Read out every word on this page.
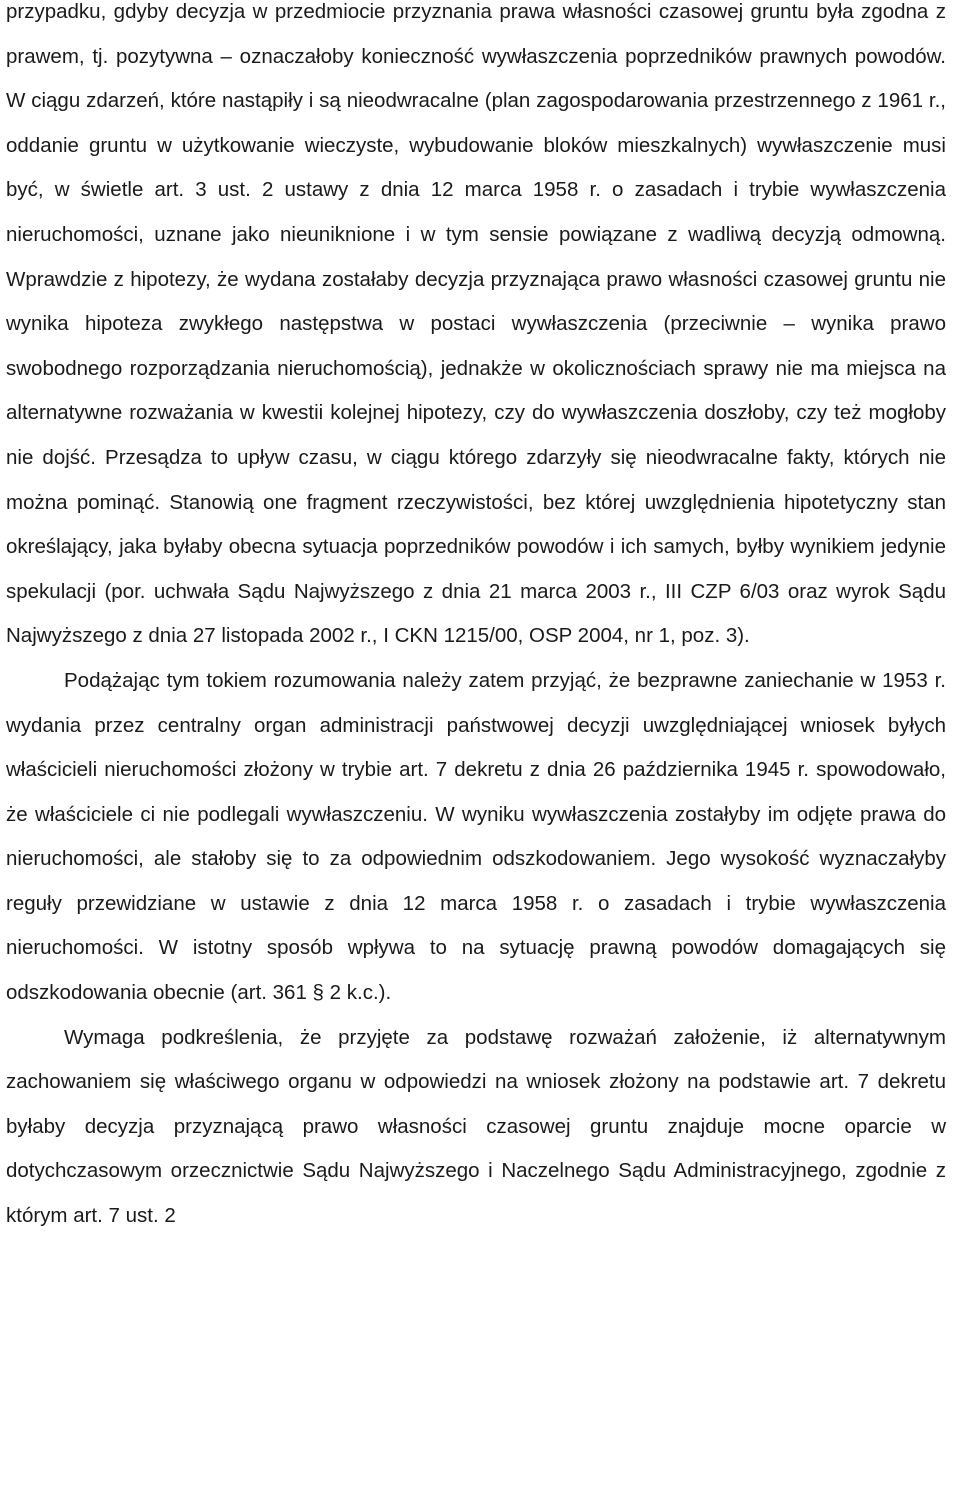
przypadku, gdyby decyzja w przedmiocie przyznania prawa własności czasowej gruntu była zgodna z prawem, tj. pozytywna – oznaczałoby konieczność wywłaszczenia poprzedników prawnych powodów. W ciągu zdarzeń, które nastąpiły i są nieodwracalne (plan zagospodarowania przestrzennego z 1961 r., oddanie gruntu w użytkowanie wieczyste, wybudowanie bloków mieszkalnych) wywłaszczenie musi być, w świetle art. 3 ust. 2 ustawy z dnia 12 marca 1958 r. o zasadach i trybie wywłaszczenia nieruchomości, uznane jako nieuniknione i w tym sensie powiązane z wadliwą decyzją odmowną. Wprawdzie z hipotezy, że wydana zostałaby decyzja przyznająca prawo własności czasowej gruntu nie wynika hipoteza zwykłego następstwa w postaci wywłaszczenia (przeciwnie – wynika prawo swobodnego rozporządzania nieruchomością), jednakże w okolicznościach sprawy nie ma miejsca na alternatywne rozważania w kwestii kolejnej hipotezy, czy do wywłaszczenia doszłoby, czy też mogłoby nie dojść. Przesądza to upływ czasu, w ciągu którego zdarzyły się nieodwracalne fakty, których nie można pominąć. Stanowią one fragment rzeczywistości, bez której uwzględnienia hipotetyczny stan określający, jaka byłaby obecna sytuacja poprzedników powodów i ich samych, byłby wynikiem jedynie spekulacji (por. uchwała Sądu Najwyższego z dnia 21 marca 2003 r., III CZP 6/03 oraz wyrok Sądu Najwyższego z dnia 27 listopada 2002 r., I CKN 1215/00, OSP 2004, nr 1, poz. 3).

Podążając tym tokiem rozumowania należy zatem przyjąć, że bezprawne zaniechanie w 1953 r. wydania przez centralny organ administracji państwowej decyzji uwzględniającej wniosek byłych właścicieli nieruchomości złożony w trybie art. 7 dekretu z dnia 26 października 1945 r. spowodowało, że właściciele ci nie podlegali wywłaszczeniu. W wyniku wywłaszczenia zostałyby im odjęte prawa do nieruchomości, ale stałoby się to za odpowiednim odszkodowaniem. Jego wysokość wyznaczałyby reguły przewidziane w ustawie z dnia 12 marca 1958 r. o zasadach i trybie wywłaszczenia nieruchomości. W istotny sposób wpływa to na sytuację prawną powodów domagających się odszkodowania obecnie (art. 361 § 2 k.c.).

Wymaga podkreślenia, że przyjęte za podstawę rozważań założenie, iż alternatywnym zachowaniem się właściwego organu w odpowiedzi na wniosek złożony na podstawie art. 7 dekretu byłaby decyzja przyznającą prawo własności czasowej gruntu znajduje mocne oparcie w dotychczasowym orzecznictwie Sądu Najwyższego i Naczelnego Sądu Administracyjnego, zgodnie z którym art. 7 ust. 2
